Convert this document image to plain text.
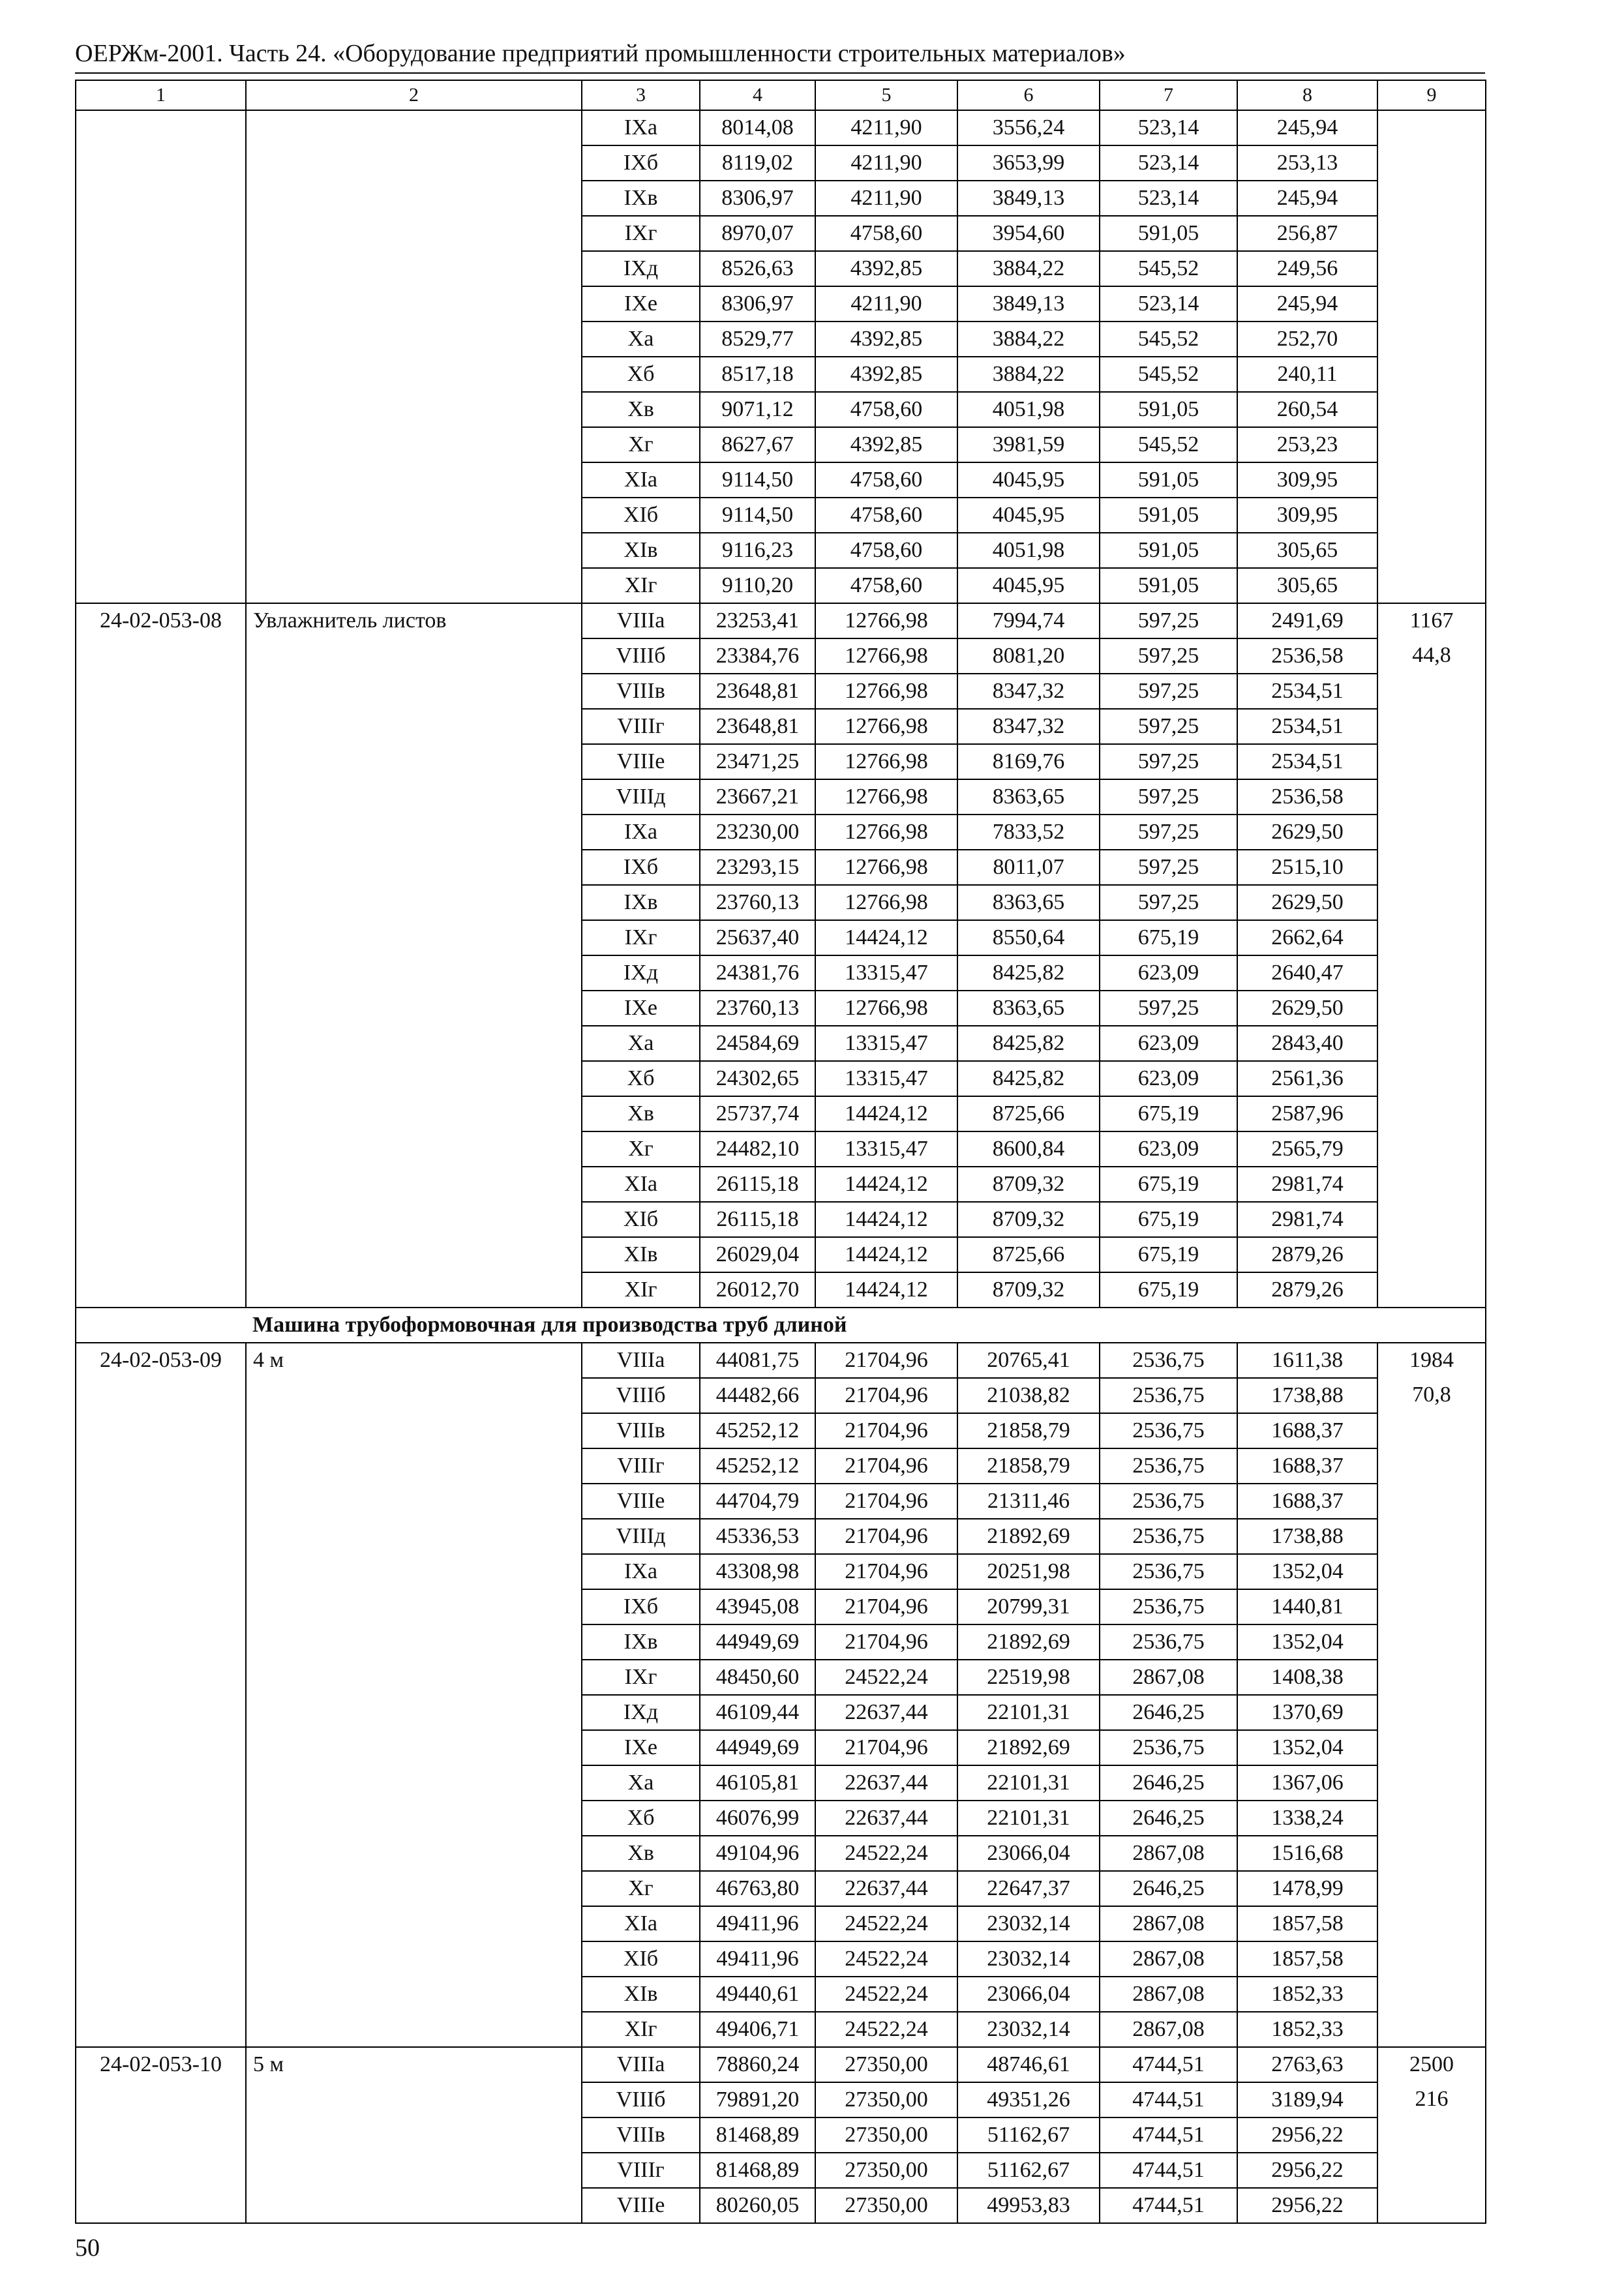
ОЕРЖм-2001. Часть 24. «Оборудование предприятий промышленности строительных материалов»
1	2	3	4	5	6	7	8	9
		IXа	8014,08	4211,90	3556,24	523,14	245,94	
		IXб	8119,02	4211,90	3653,99	523,14	253,13	
		IXв	8306,97	4211,90	3849,13	523,14	245,94	
		IXг	8970,07	4758,60	3954,60	591,05	256,87	
		IXд	8526,63	4392,85	3884,22	545,52	249,56	
		IXе	8306,97	4211,90	3849,13	523,14	245,94	
		Xа	8529,77	4392,85	3884,22	545,52	252,70	
		Xб	8517,18	4392,85	3884,22	545,52	240,11	
		Xв	9071,12	4758,60	4051,98	591,05	260,54	
		Xг	8627,67	4392,85	3981,59	545,52	253,23	
		XIа	9114,50	4758,60	4045,95	591,05	309,95	
		XIб	9114,50	4758,60	4045,95	591,05	309,95	
		XIв	9116,23	4758,60	4051,98	591,05	305,65	
		XIг	9110,20	4758,60	4045,95	591,05	305,65	
24-02-053-08	Увлажнитель листов	VIIIа	23253,41	12766,98	7994,74	597,25	2491,69	1167
		VIIIб	23384,76	12766,98	8081,20	597,25	2536,58	44,8
		VIIIв	23648,81	12766,98	8347,32	597,25	2534,51	
		VIIIг	23648,81	12766,98	8347,32	597,25	2534,51	
		VIIIе	23471,25	12766,98	8169,76	597,25	2534,51	
		VIIIд	23667,21	12766,98	8363,65	597,25	2536,58	
		IXа	23230,00	12766,98	7833,52	597,25	2629,50	
		IXб	23293,15	12766,98	8011,07	597,25	2515,10	
		IXв	23760,13	12766,98	8363,65	597,25	2629,50	
		IXг	25637,40	14424,12	8550,64	675,19	2662,64	
		IXд	24381,76	13315,47	8425,82	623,09	2640,47	
		IXе	23760,13	12766,98	8363,65	597,25	2629,50	
		Xа	24584,69	13315,47	8425,82	623,09	2843,40	
		Xб	24302,65	13315,47	8425,82	623,09	2561,36	
		Xв	25737,74	14424,12	8725,66	675,19	2587,96	
		Xг	24482,10	13315,47	8600,84	623,09	2565,79	
		XIа	26115,18	14424,12	8709,32	675,19	2981,74	
		XIб	26115,18	14424,12	8709,32	675,19	2981,74	
		XIв	26029,04	14424,12	8725,66	675,19	2879,26	
		XIг	26012,70	14424,12	8709,32	675,19	2879,26	
Машина трубоформовочная для производства труб длиной								
24-02-053-09	4 м	VIIIа	44081,75	21704,96	20765,41	2536,75	1611,38	1984
		VIIIб	44482,66	21704,96	21038,82	2536,75	1738,88	70,8
		VIIIв	45252,12	21704,96	21858,79	2536,75	1688,37	
		VIIIг	45252,12	21704,96	21858,79	2536,75	1688,37	
		VIIIе	44704,79	21704,96	21311,46	2536,75	1688,37	
		VIIIд	45336,53	21704,96	21892,69	2536,75	1738,88	
		IXа	43308,98	21704,96	20251,98	2536,75	1352,04	
		IXб	43945,08	21704,96	20799,31	2536,75	1440,81	
		IXв	44949,69	21704,96	21892,69	2536,75	1352,04	
		IXг	48450,60	24522,24	22519,98	2867,08	1408,38	
		IXд	46109,44	22637,44	22101,31	2646,25	1370,69	
		IXе	44949,69	21704,96	21892,69	2536,75	1352,04	
		Xа	46105,81	22637,44	22101,31	2646,25	1367,06	
		Xб	46076,99	22637,44	22101,31	2646,25	1338,24	
		Xв	49104,96	24522,24	23066,04	2867,08	1516,68	
		Xг	46763,80	22637,44	22647,37	2646,25	1478,99	
		XIа	49411,96	24522,24	23032,14	2867,08	1857,58	
		XIб	49411,96	24522,24	23032,14	2867,08	1857,58	
		XIв	49440,61	24522,24	23066,04	2867,08	1852,33	
		XIг	49406,71	24522,24	23032,14	2867,08	1852,33	
24-02-053-10	5 м	VIIIа	78860,24	27350,00	48746,61	4744,51	2763,63	2500
		VIIIб	79891,20	27350,00	49351,26	4744,51	3189,94	216
		VIIIв	81468,89	27350,00	51162,67	4744,51	2956,22	
		VIIIг	81468,89	27350,00	51162,67	4744,51	2956,22	
		VIIIе	80260,05	27350,00	49953,83	4744,51	2956,22	
50
